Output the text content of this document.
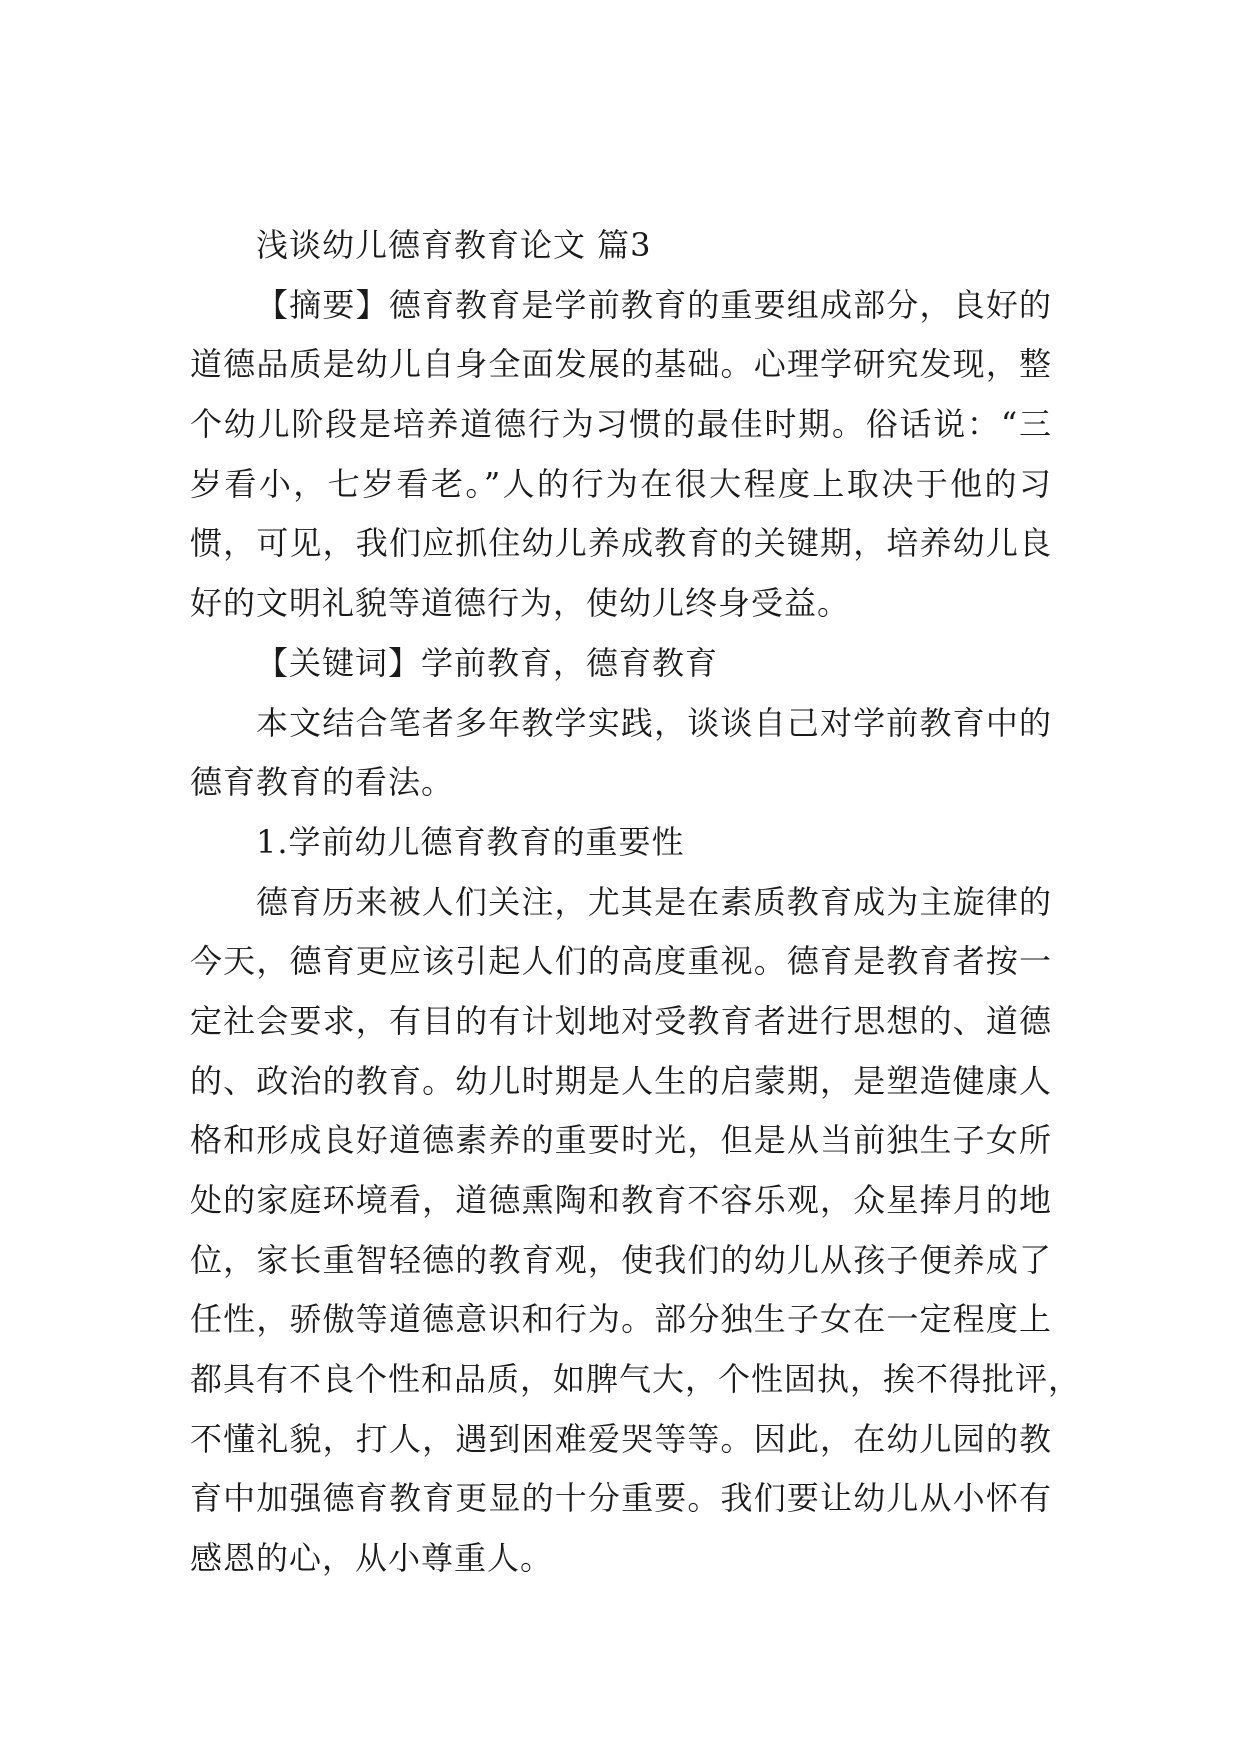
浅谈幼儿德育教育论文 篇3
【摘要】德育教育是学前教育的重要组成部分，良好的
道德品质是幼儿自身全面发展的基础。心理学研究发现，整
个幼儿阶段是培养道德行为习惯的最佳时期。俗话说：“三
岁看小，七岁看老。”人的行为在很大程度上取决于他的习
惯，可见，我们应抓住幼儿养成教育的关键期，培养幼儿良
好的文明礼貌等道德行为，使幼儿终身受益。
【关键词】学前教育，德育教育
本文结合笔者多年教学实践，谈谈自己对学前教育中的
德育教育的看法。
1.学前幼儿德育教育的重要性
德育历来被人们关注，尤其是在素质教育成为主旋律的
今天，德育更应该引起人们的高度重视。德育是教育者按一
定社会要求，有目的有计划地对受教育者进行思想的、道德
的、政治的教育。幼儿时期是人生的启蒙期，是塑造健康人
格和形成良好道德素养的重要时光，但是从当前独生子女所
处的家庭环境看，道德熏陶和教育不容乐观，众星捧月的地
位，家长重智轻德的教育观，使我们的幼儿从孩子便养成了
任性，骄傲等道德意识和行为。部分独生子女在一定程度上
都具有不良个性和品质，如脾气大，个性固执，挨不得批评，
不懂礼貌，打人，遇到困难爱哭等等。因此，在幼儿园的教
育中加强德育教育更显的十分重要。我们要让幼儿从小怀有
感恩的心，从小尊重人。
